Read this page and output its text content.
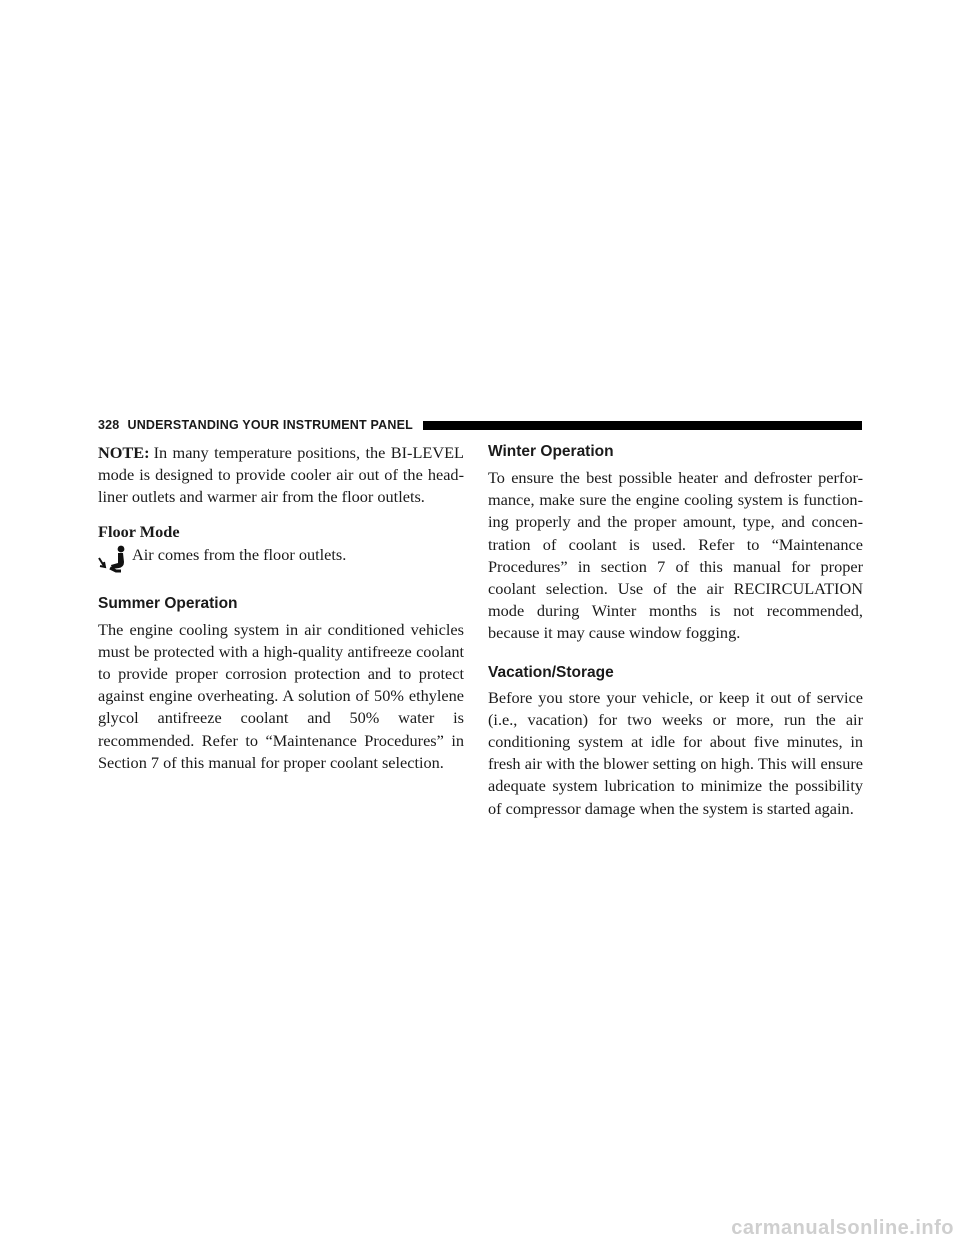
328 UNDERSTANDING YOUR INSTRUMENT PANEL

NOTE: In many temperature positions, the BI-LEVEL mode is designed to provide cooler air out of the head-liner outlets and warmer air from the floor outlets.

Floor Mode
Air comes from the floor outlets.
Summer Operation

The engine cooling system in air conditioned vehicles must be protected with a high-quality antifreeze coolant to provide proper corrosion protection and to protect against engine overheating. A solution of 50% ethylene glycol antifreeze coolant and 50% water is recommended. Refer to “Maintenance Procedures” in Section 7 of this manual for proper coolant selection.

Winter Operation

To ensure the best possible heater and defroster perfor-mance, make sure the engine cooling system is function-ing properly and the proper amount, type, and concen-tration of coolant is used. Refer to “Maintenance Procedures” in section 7 of this manual for proper coolant selection. Use of the air RECIRCULATION mode during Winter months is not recommended, because it may cause window fogging.

Vacation/Storage

Before you store your vehicle, or keep it out of service (i.e., vacation) for two weeks or more, run the air conditioning system at idle for about five minutes, in fresh air with the blower setting on high. This will ensure adequate system lubrication to minimize the possibility of compressor damage when the system is started again.

carmanualsonline.info
